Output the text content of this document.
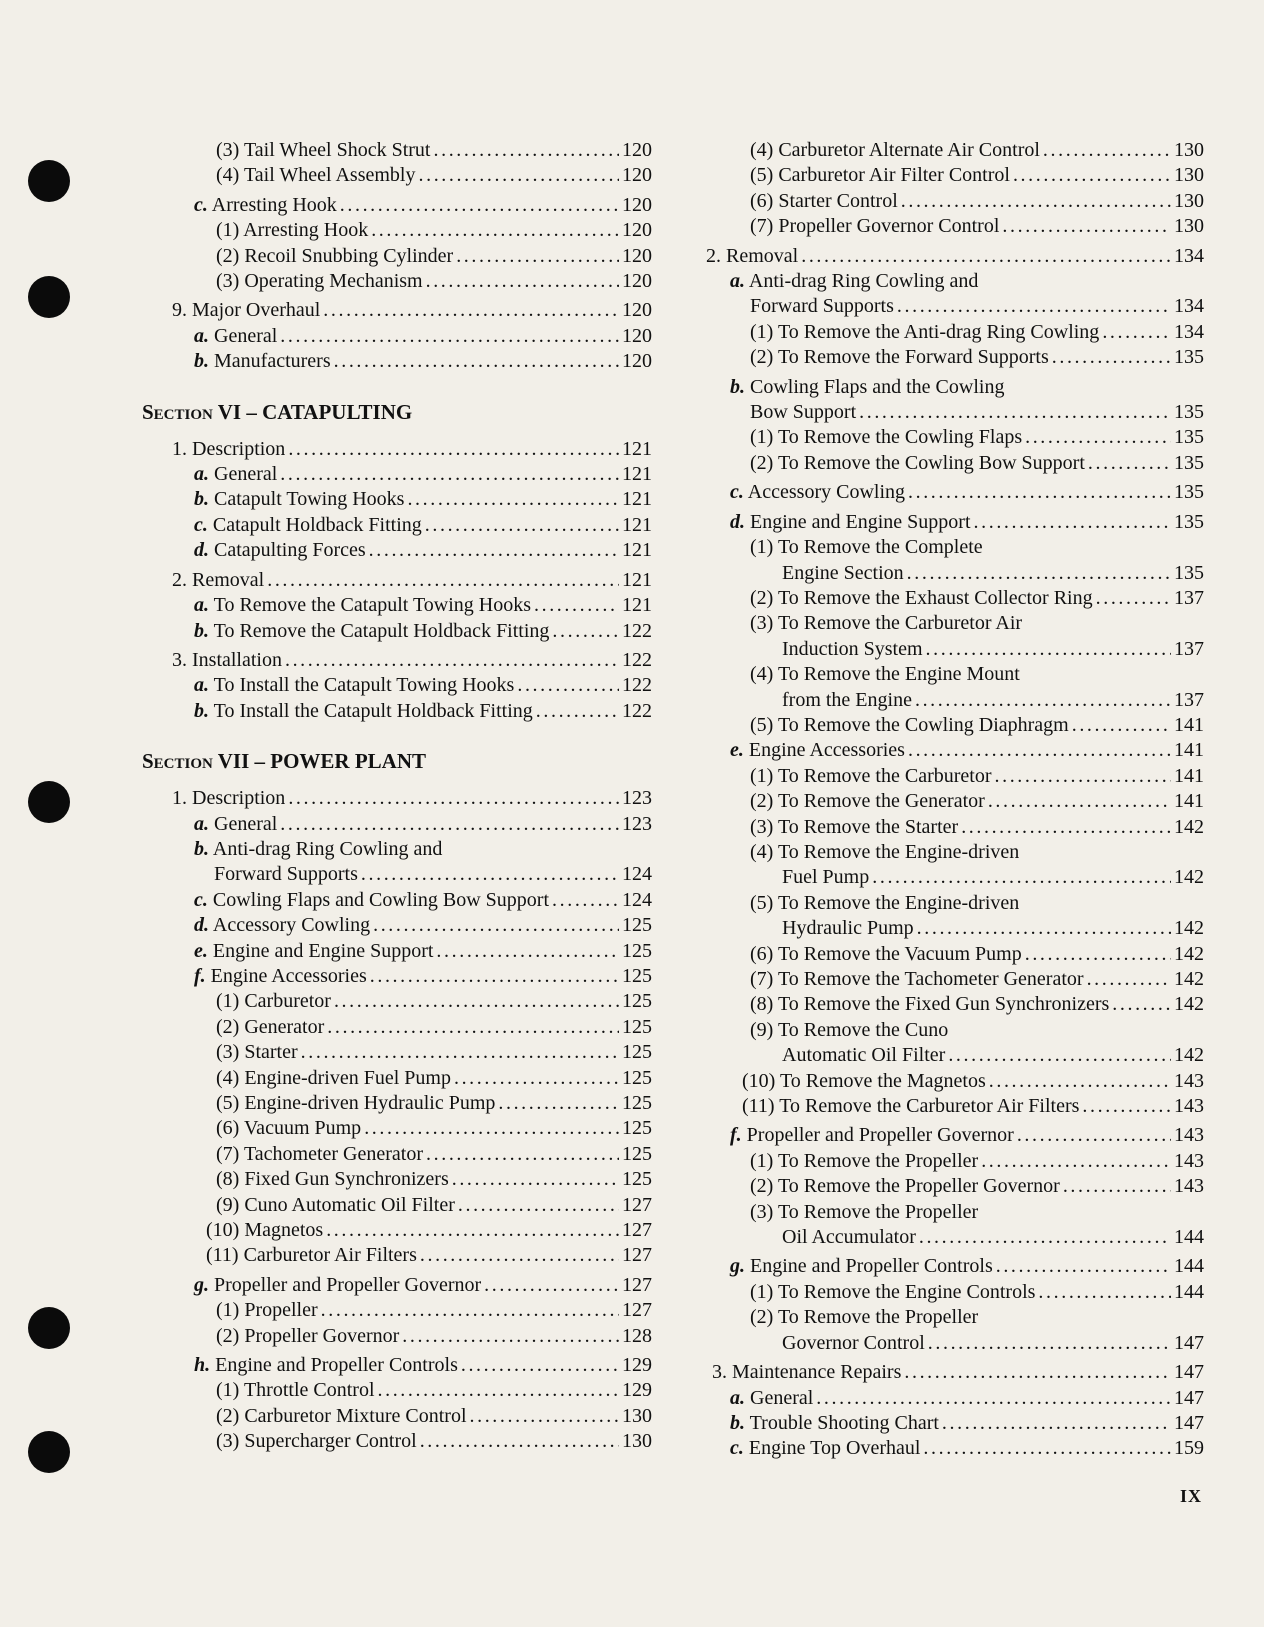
(3) Tail Wheel Shock Strut .....	120
(4) Tail Wheel Assembly .....	120
c. Arresting Hook .....	120
(1) Arresting Hook .....	120
(2) Recoil Snubbing Cylinder .....	120
(3) Operating Mechanism .....	120
9. Major Overhaul .....	120
a. General .....	120
b. Manufacturers .....	120
Section VI – CATAPULTING
1. Description .....	121
a. General .....	121
b. Catapult Towing Hooks .....	121
c. Catapult Holdback Fitting .....	121
d. Catapulting Forces .....	121
2. Removal .....	121
a. To Remove the Catapult Towing Hooks .....	121
b. To Remove the Catapult Holdback Fitting .....	122
3. Installation .....	122
a. To Install the Catapult Towing Hooks .....	122
b. To Install the Catapult Holdback Fitting .....	122
Section VII – POWER PLANT
1. Description .....	123
a. General .....	123
b. Anti-drag Ring Cowling and
Forward Supports .....	124
c. Cowling Flaps and Cowling Bow Support .....	124
d. Accessory Cowling .....	125
e. Engine and Engine Support .....	125
f. Engine Accessories .....	125
(1) Carburetor .....	125
(2) Generator .....	125
(3) Starter .....	125
(4) Engine-driven Fuel Pump .....	125
(5) Engine-driven Hydraulic Pump .....	125
(6) Vacuum Pump .....	125
(7) Tachometer Generator .....	125
(8) Fixed Gun Synchronizers .....	125
(9) Cuno Automatic Oil Filter .....	127
(10) Magnetos .....	127
(11) Carburetor Air Filters .....	127
g. Propeller and Propeller Governor .....	127
(1) Propeller .....	127
(2) Propeller Governor .....	128
h. Engine and Propeller Controls .....	129
(1) Throttle Control .....	129
(2) Carburetor Mixture Control .....	130
(3) Supercharger Control .....	130
(4) Carburetor Alternate Air Control .....	130
(5) Carburetor Air Filter Control .....	130
(6) Starter Control .....	130
(7) Propeller Governor Control .....	130
2. Removal .....	134
a. Anti-drag Ring Cowling and
Forward Supports .....	134
(1) To Remove the Anti-drag Ring Cowling .....	134
(2) To Remove the Forward Supports .....	135
b. Cowling Flaps and the Cowling
Bow Support .....	135
(1) To Remove the Cowling Flaps .....	135
(2) To Remove the Cowling Bow Support .....	135
c. Accessory Cowling .....	135
d. Engine and Engine Support .....	135
(1) To Remove the Complete
Engine Section .....	135
(2) To Remove the Exhaust Collector Ring .....	137
(3) To Remove the Carburetor Air
Induction System .....	137
(4) To Remove the Engine Mount
from the Engine .....	137
(5) To Remove the Cowling Diaphragm .....	141
e. Engine Accessories .....	141
(1) To Remove the Carburetor .....	141
(2) To Remove the Generator .....	141
(3) To Remove the Starter .....	142
(4) To Remove the Engine-driven
Fuel Pump .....	142
(5) To Remove the Engine-driven
Hydraulic Pump .....	142
(6) To Remove the Vacuum Pump .....	142
(7) To Remove the Tachometer Generator .....	142
(8) To Remove the Fixed Gun Synchronizers .....	142
(9) To Remove the Cuno
Automatic Oil Filter .....	142
(10) To Remove the Magnetos .....	143
(11) To Remove the Carburetor Air Filters .....	143
f. Propeller and Propeller Governor .....	143
(1) To Remove the Propeller .....	143
(2) To Remove the Propeller Governor .....	143
(3) To Remove the Propeller
Oil Accumulator .....	144
g. Engine and Propeller Controls .....	144
(1) To Remove the Engine Controls .....	144
(2) To Remove the Propeller
Governor Control .....	147
3. Maintenance Repairs .....	147
a. General .....	147
b. Trouble Shooting Chart .....	147
c. Engine Top Overhaul .....	159
IX
